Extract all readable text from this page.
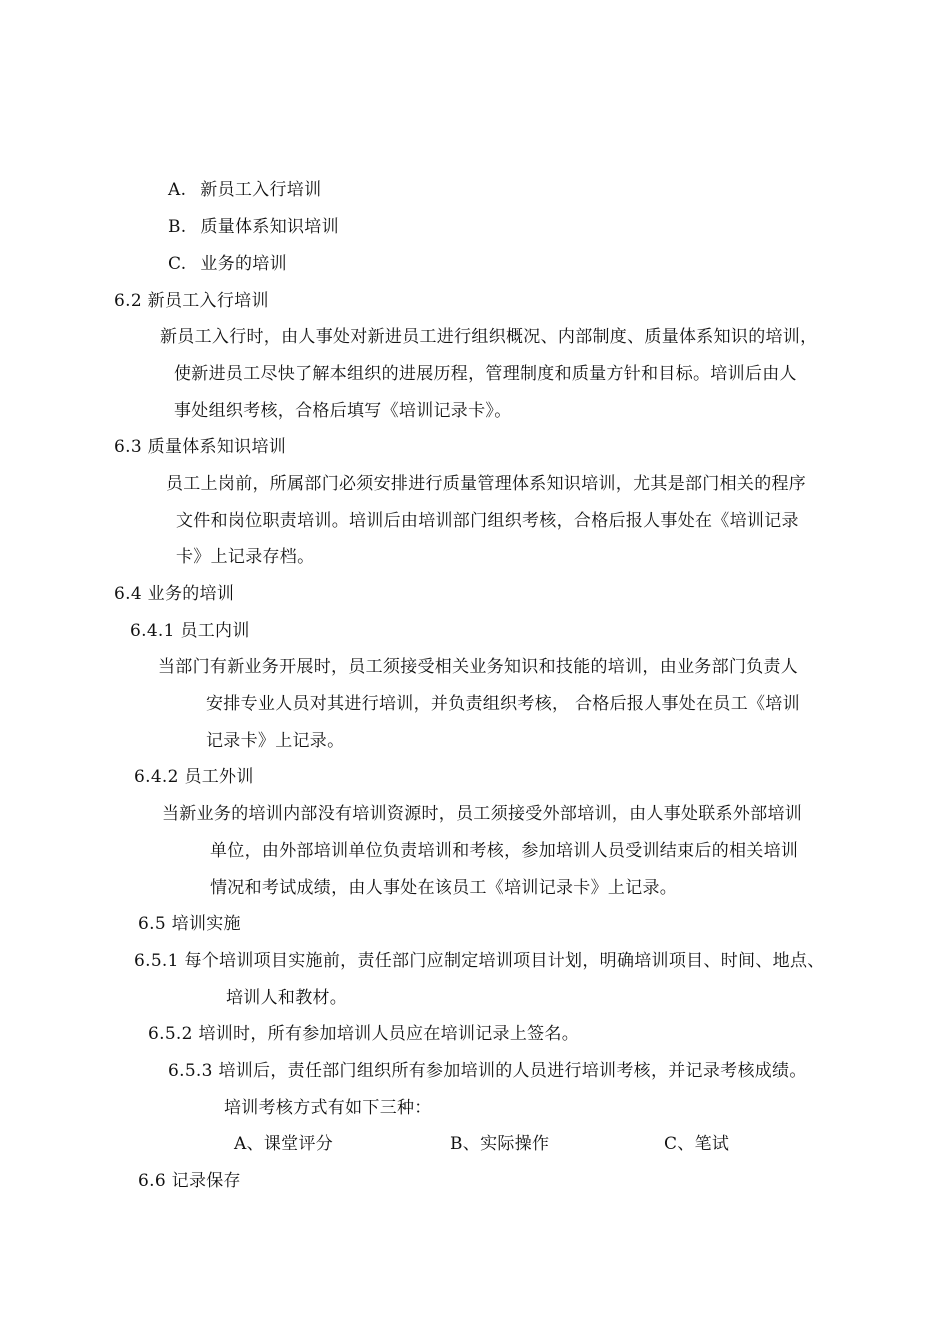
A. 新员工入行培训
B. 质量体系知识培训
C. 业务的培训
6.2 新员工入行培训
新员工入行时，由人事处对新进员工进行组织概况、内部制度、质量体系知识的培训，
使新进员工尽快了解本组织的进展历程，管理制度和质量方针和目标。培训后由人
事处组织考核，合格后填写《培训记录卡》。
6.3 质量体系知识培训
员工上岗前，所属部门必须安排进行质量管理体系知识培训，尤其是部门相关的程序
文件和岗位职责培训。培训后由培训部门组织考核，合格后报人事处在《培训记录
卡》上记录存档。
6.4 业务的培训
6.4.1 员工内训
当部门有新业务开展时，员工须接受相关业务知识和技能的培训，由业务部门负责人
安排专业人员对其进行培训，并负责组织考核， 合格后报人事处在员工《培训
记录卡》上记录。
6.4.2 员工外训
当新业务的培训内部没有培训资源时，员工须接受外部培训，由人事处联系外部培训
单位，由外部培训单位负责培训和考核，参加培训人员受训结束后的相关培训
情况和考试成绩，由人事处在该员工《培训记录卡》上记录。
6.5 培训实施
6.5.1 每个培训项目实施前，责任部门应制定培训项目计划，明确培训项目、时间、地点、
培训人和教材。
6.5.2 培训时，所有参加培训人员应在培训记录上签名。
6.5.3 培训后，责任部门组织所有参加培训的人员进行培训考核，并记录考核成绩。
培训考核方式有如下三种：
A、课堂评分	B、实际操作	C、笔试
6.6 记录保存
